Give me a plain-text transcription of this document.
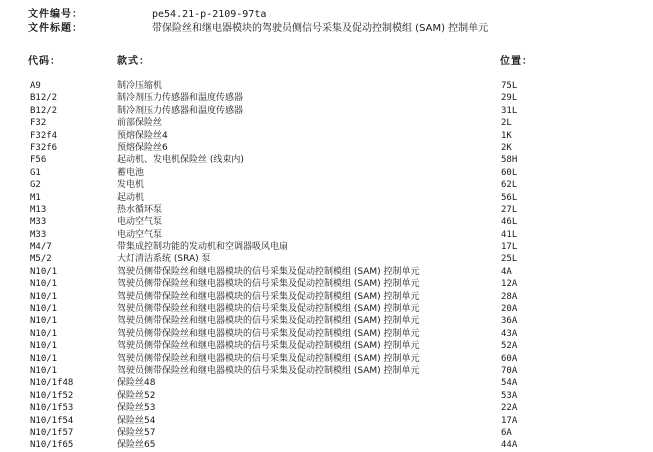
文件编号：	pe54.21-p-2109-97ta
文件标题：	带保险丝和继电器模块的驾驶员侧信号采集及促动控制模组 (SAM) 控制单元
代码：	款式：	位置：
A9	制冷压缩机	75L
B12/2	制冷剂压力传感器和温度传感器	29L
B12/2	制冷剂压力传感器和温度传感器	31L
F32	前部保险丝	2L
F32f4	预熔保险丝4	1K
F32f6	预熔保险丝6	2K
F56	起动机、发电机保险丝 (线束内)	58H
G1	蓄电池	60L
G2	发电机	62L
M1	起动机	56L
M13	热水循环泵	27L
M33	电动空气泵	46L
M33	电动空气泵	41L
M4/7	带集成控制功能的发动机和空调器吸风电扇	17L
M5/2	大灯清洁系统 (SRA) 泵	25L
N10/1	驾驶员侧带保险丝和继电器模块的信号采集及促动控制模组 (SAM) 控制单元	4A
N10/1	驾驶员侧带保险丝和继电器模块的信号采集及促动控制模组 (SAM) 控制单元	12A
N10/1	驾驶员侧带保险丝和继电器模块的信号采集及促动控制模组 (SAM) 控制单元	28A
N10/1	驾驶员侧带保险丝和继电器模块的信号采集及促动控制模组 (SAM) 控制单元	20A
N10/1	驾驶员侧带保险丝和继电器模块的信号采集及促动控制模组 (SAM) 控制单元	36A
N10/1	驾驶员侧带保险丝和继电器模块的信号采集及促动控制模组 (SAM) 控制单元	43A
N10/1	驾驶员侧带保险丝和继电器模块的信号采集及促动控制模组 (SAM) 控制单元	52A
N10/1	驾驶员侧带保险丝和继电器模块的信号采集及促动控制模组 (SAM) 控制单元	60A
N10/1	驾驶员侧带保险丝和继电器模块的信号采集及促动控制模组 (SAM) 控制单元	70A
N10/1f48	保险丝48	54A
N10/1f52	保险丝52	53A
N10/1f53	保险丝53	22A
N10/1f54	保险丝54	17A
N10/1f57	保险丝57	6A
N10/1f65	保险丝65	44A
